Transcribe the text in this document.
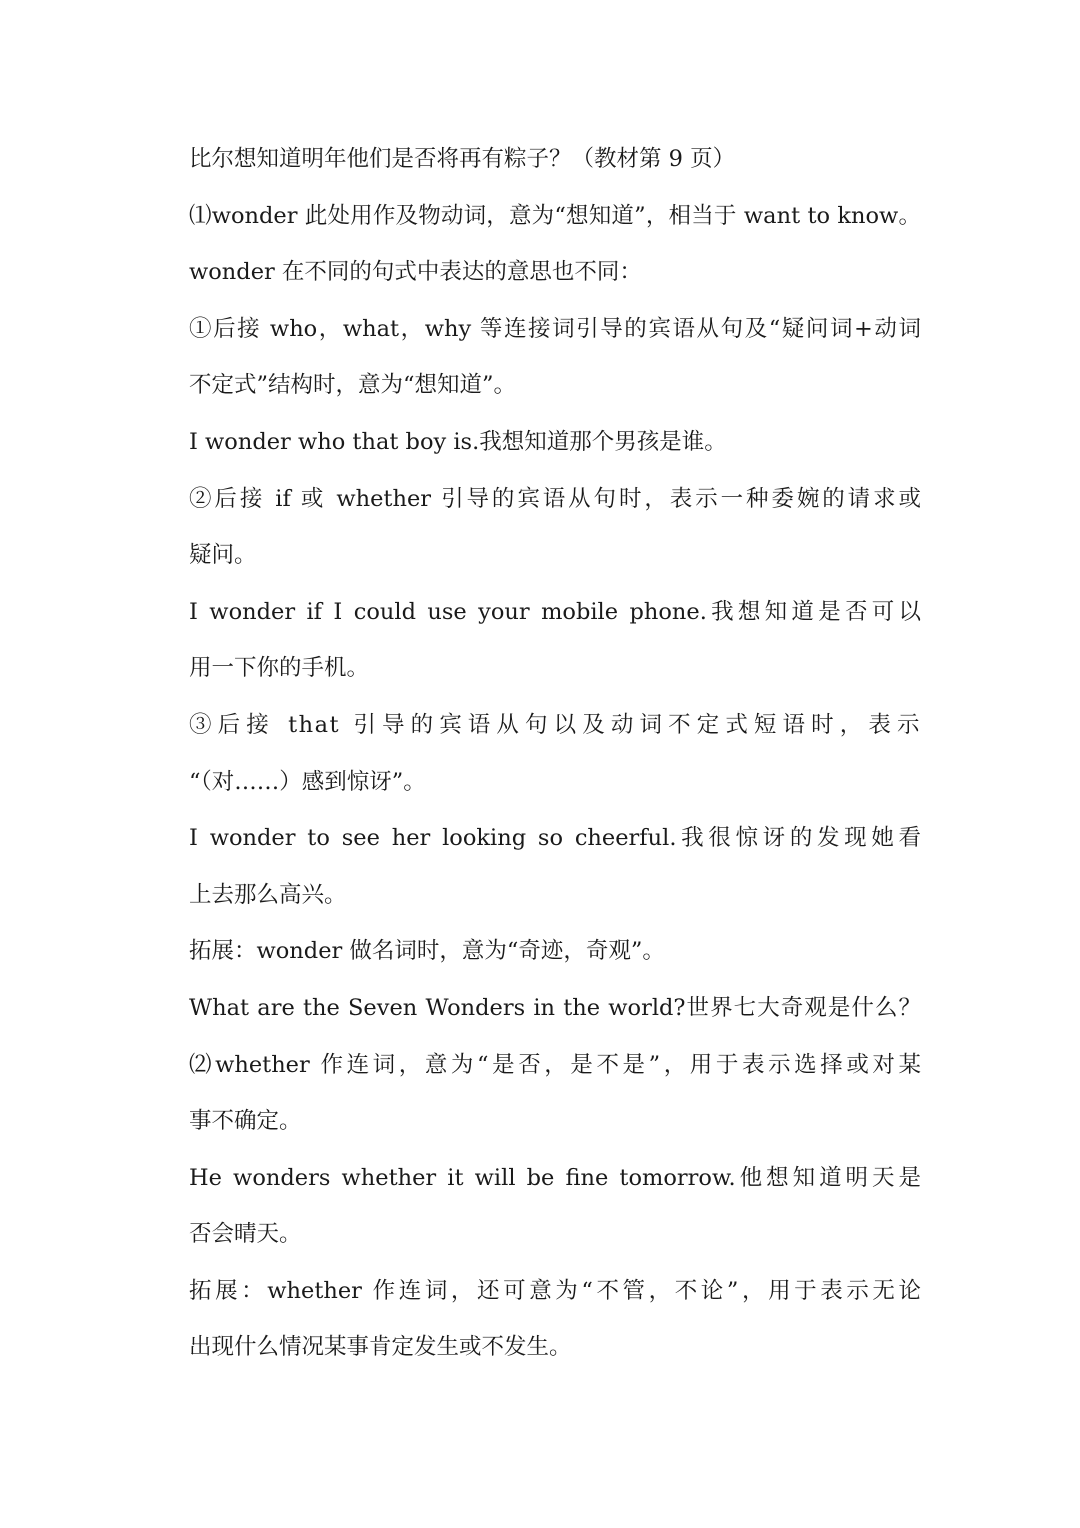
比尔想知道明年他们是否将再有粽子？（教材第 9 页）
⑴wonder 此处用作及物动词，意为“想知道”，相当于 want to know。
wonder 在不同的句式中表达的意思也不同：
①后接 who，what，why 等连接词引导的宾语从句及“疑问词+动词
不定式”结构时，意为“想知道”。
I wonder who that boy is.我想知道那个男孩是谁。
②后接 if 或 whether 引导的宾语从句时，表示一种委婉的请求或
疑问。
I wonder if I could use your mobile phone.我想知道是否可以
用一下你的手机。
③后接 that 引导的宾语从句以及动词不定式短语时，表示
“（对……）感到惊讶”。
I wonder to see her looking so cheerful.我很惊讶的发现她看
上去那么高兴。
拓展：wonder 做名词时，意为“奇迹，奇观”。
What are the Seven Wonders in the world?世界七大奇观是什么？
⑵whether 作连词，意为“是否，是不是”，用于表示选择或对某
事不确定。
He wonders whether it will be fine tomorrow.他想知道明天是
否会晴天。
拓展：whether 作连词，还可意为“不管，不论”，用于表示无论
出现什么情况某事肯定发生或不发生。
